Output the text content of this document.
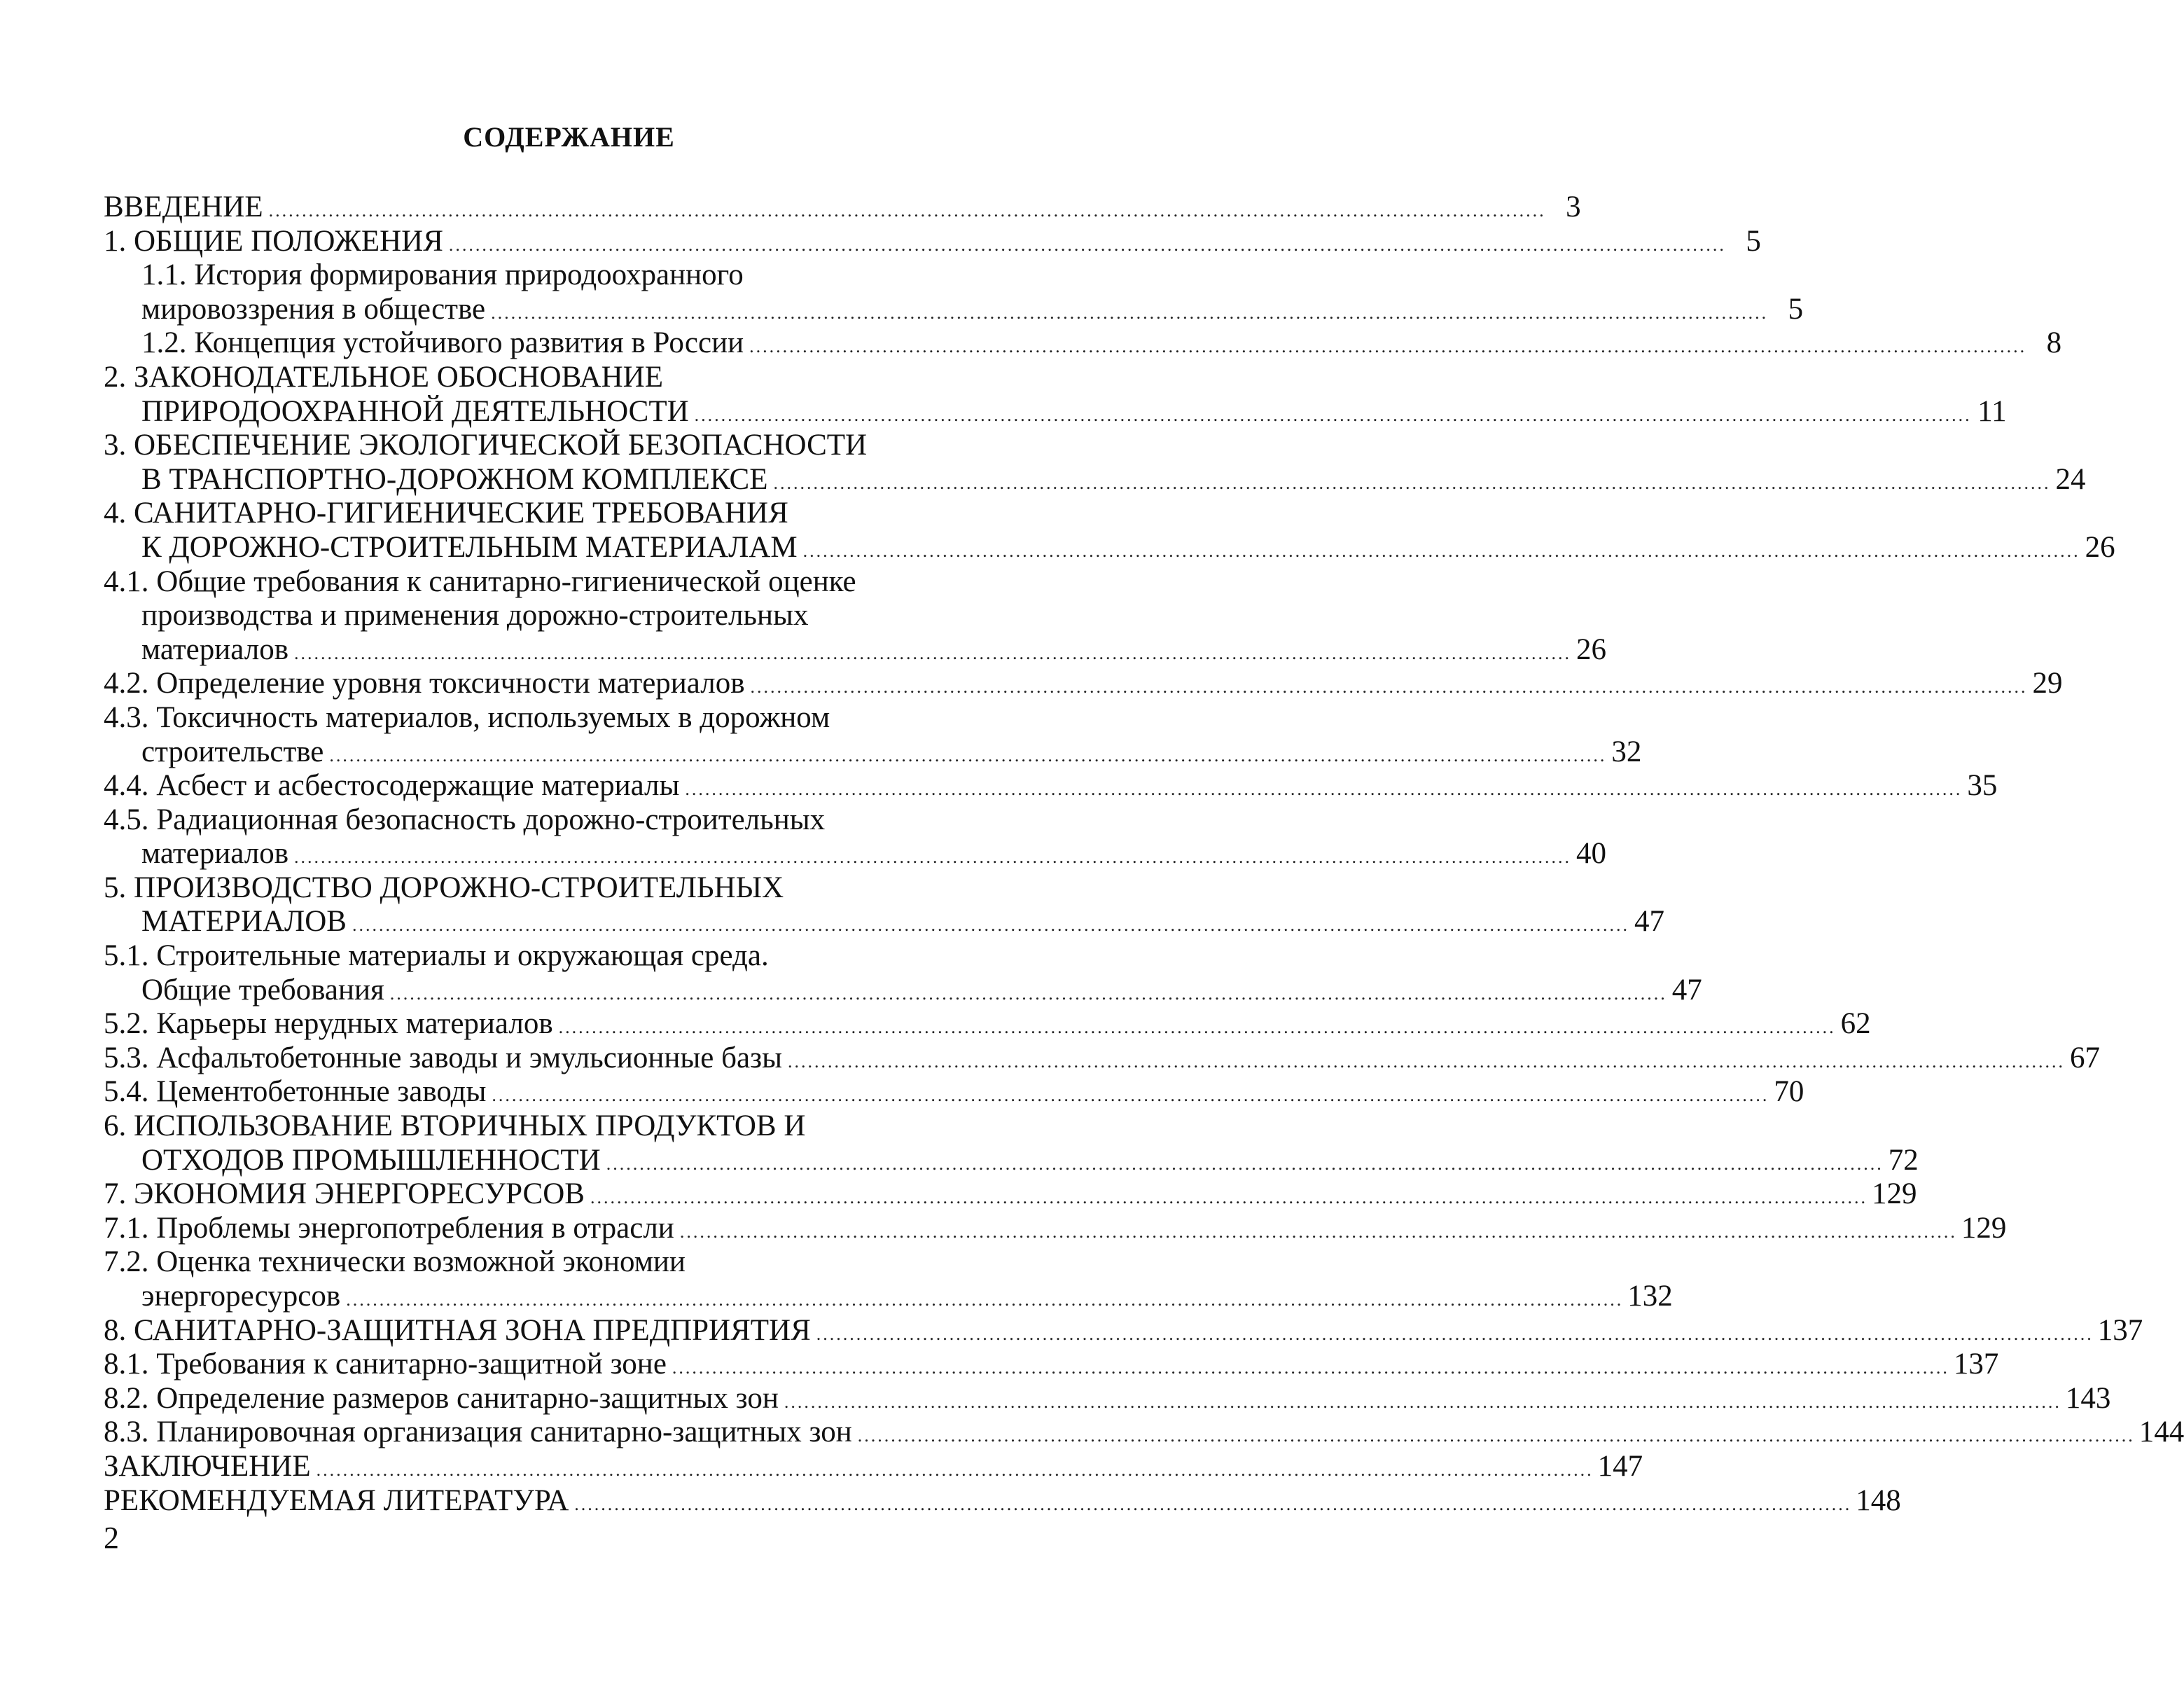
СОДЕРЖАНИЕ
ВВЕДЕНИЕ ................................................................................................................................................................................................ 3
1. ОБЩИЕ ПОЛОЖЕНИЯ ................................................................................................................................................................................................ 5
1.1. История формирования природоохранного
мировоззрения в обществе ................................................................................................................................................................................................ 5
1.2. Концепция устойчивого развития в России ................................................................................................................................................................................................ 8
2. ЗАКОНОДАТЕЛЬНОЕ ОБОСНОВАНИЕ
ПРИРОДООХРАННОЙ ДЕЯТЕЛЬНОСТИ ................................................................................................................................................................................................ 11
3. ОБЕСПЕЧЕНИЕ ЭКОЛОГИЧЕСКОЙ БЕЗОПАСНОСТИ
В ТРАНСПОРТНО-ДОРОЖНОМ КОМПЛЕКСЕ ................................................................................................................................................................................................ 24
4. САНИТАРНО-ГИГИЕНИЧЕСКИЕ ТРЕБОВАНИЯ
К ДОРОЖНО-СТРОИТЕЛЬНЫМ МАТЕРИАЛАМ ................................................................................................................................................................................................ 26
4.1. Общие требования к санитарно-гигиенической оценке
производства и применения дорожно-строительных
материалов ................................................................................................................................................................................................ 26
4.2. Определение уровня токсичности материалов ................................................................................................................................................................................................ 29
4.3. Токсичность материалов, используемых в дорожном
строительстве ................................................................................................................................................................................................ 32
4.4. Асбест и асбестосодержащие материалы ................................................................................................................................................................................................ 35
4.5. Радиационная безопасность дорожно-строительных
материалов ................................................................................................................................................................................................ 40
5. ПРОИЗВОДСТВО ДОРОЖНО-СТРОИТЕЛЬНЫХ
МАТЕРИАЛОВ ................................................................................................................................................................................................ 47
5.1. Строительные материалы и окружающая среда.
Общие требования ................................................................................................................................................................................................ 47
5.2. Карьеры нерудных материалов ................................................................................................................................................................................................ 62
5.3. Асфальтобетонные заводы и эмульсионные базы ................................................................................................................................................................................................ 67
5.4. Цементобетонные заводы ................................................................................................................................................................................................ 70
6. ИСПОЛЬЗОВАНИЕ ВТОРИЧНЫХ ПРОДУКТОВ И
ОТХОДОВ ПРОМЫШЛЕННОСТИ ................................................................................................................................................................................................ 72
7. ЭКОНОМИЯ ЭНЕРГОРЕСУРСОВ ................................................................................................................................................................................................ 129
7.1. Проблемы энергопотребления в отрасли ................................................................................................................................................................................................ 129
7.2. Оценка технически возможной экономии
энергоресурсов ................................................................................................................................................................................................ 132
8. САНИТАРНО-ЗАЩИТНАЯ ЗОНА ПРЕДПРИЯТИЯ ................................................................................................................................................................................................ 137
8.1. Требования к санитарно-защитной зоне ................................................................................................................................................................................................ 137
8.2. Определение размеров санитарно-защитных зон ................................................................................................................................................................................................ 143
8.3. Планировочная организация санитарно-защитных зон ................................................................................................................................................................................................ 144
ЗАКЛЮЧЕНИЕ ................................................................................................................................................................................................ 147
РЕКОМЕНДУЕМАЯ ЛИТЕРАТУРА ................................................................................................................................................................................................ 148
2
